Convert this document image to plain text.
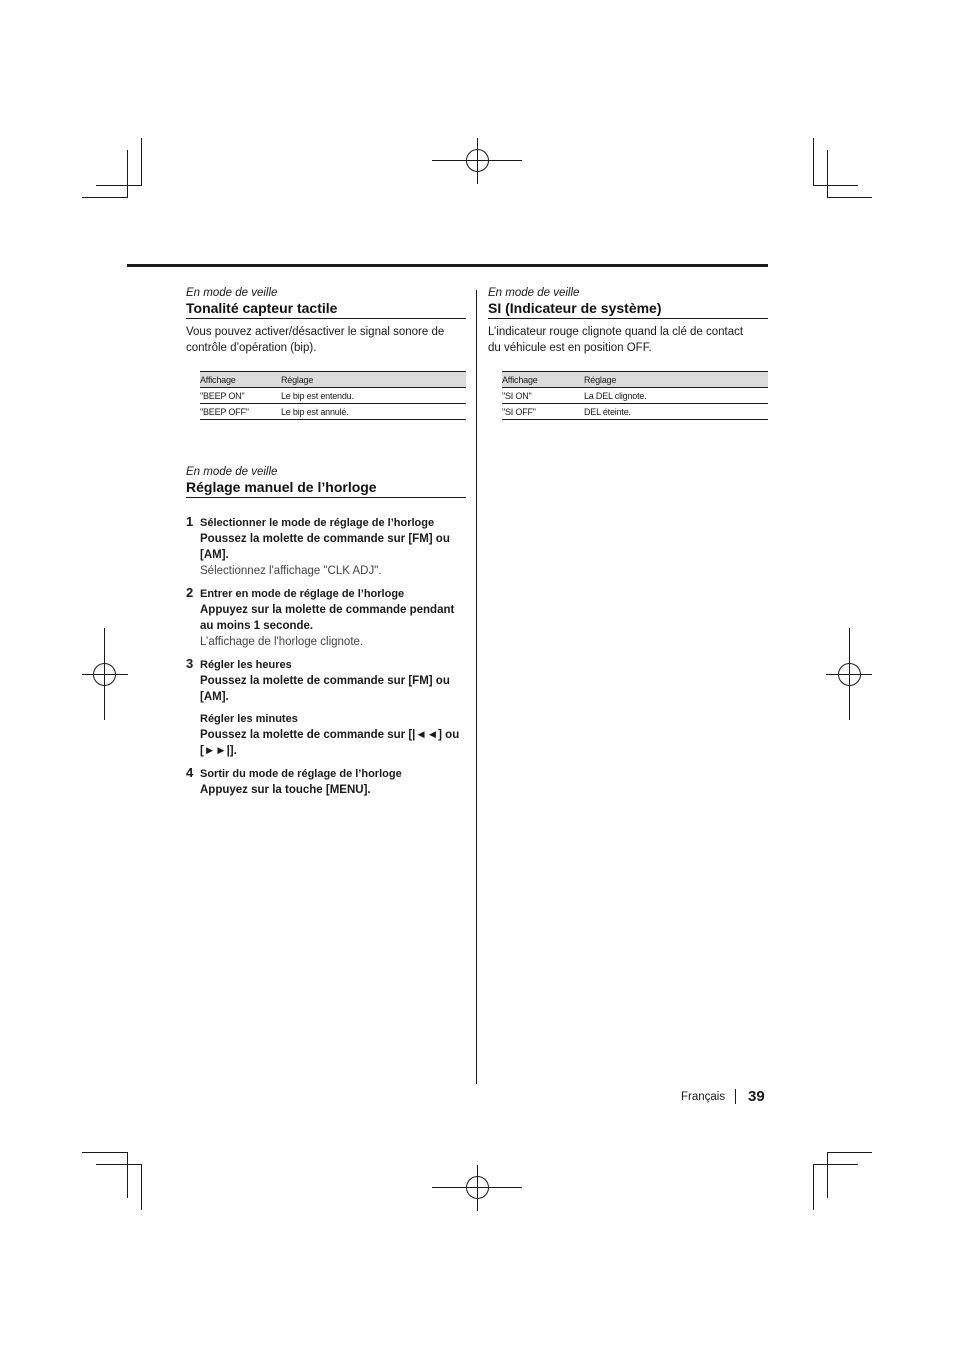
En mode de veille
Tonalité capteur tactile
Vous pouvez activer/désactiver le signal sonore de
contrôle d’opération (bip).
Affichage	Réglage
"BEEP ON"	Le bip est entendu.
"BEEP OFF"	Le bip est annulé.
En mode de veille
Réglage manuel de l’horloge
1 Sélectionner le mode de réglage de l’horloge
Poussez la molette de commande sur [FM] ou
[AM].
Sélectionnez l'affichage "CLK ADJ".
2 Entrer en mode de réglage de l’horloge
Appuyez sur la molette de commande pendant
au moins 1 seconde.
L’affichage de l'horloge clignote.
3 Régler les heures
Poussez la molette de commande sur [FM] ou
[AM].
Régler les minutes
Poussez la molette de commande sur [|◄◄] ou
[►►|].
4 Sortir du mode de réglage de l’horloge
Appuyez sur la touche [MENU].
En mode de veille
SI (Indicateur de système)
L’indicateur rouge clignote quand la clé de contact
du véhicule est en position OFF.
Affichage	Réglage
"SI ON"	La DEL clignote.
"SI OFF"	DEL éteinte.
Français 39
